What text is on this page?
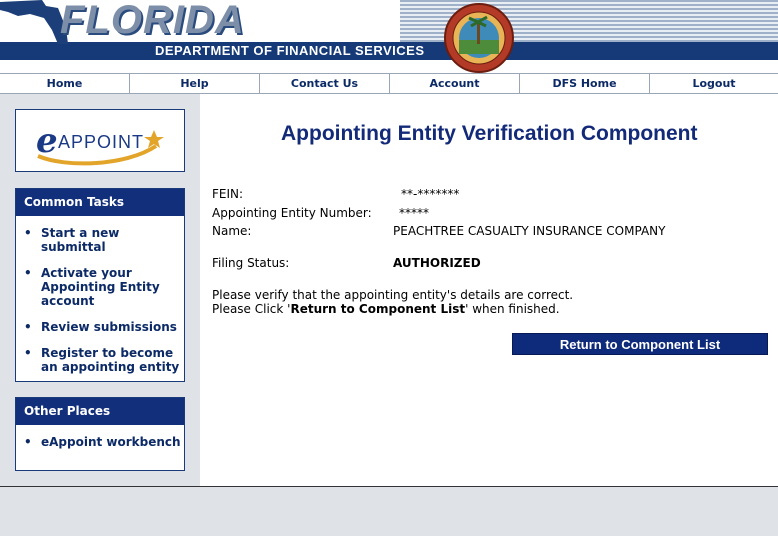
FLORIDA
DEPARTMENT OF FINANCIAL SERVICES
Home	Help	Contact Us	Account	DFS Home	Logout
e APPOINT
Common Tasks
• Start a new submittal
• Activate your Appointing Entity account
• Review submissions
• Register to become an appointing entity
Other Places
• eAppoint workbench
Appointing Entity Verification Component
FEIN:	**-*******
Appointing Entity Number: *****
Name:	PEACHTREE CASUALTY INSURANCE COMPANY
Filing Status:	AUTHORIZED
Please verify that the appointing entity's details are correct.
Please Click 'Return to Component List' when finished.
Return to Component List
